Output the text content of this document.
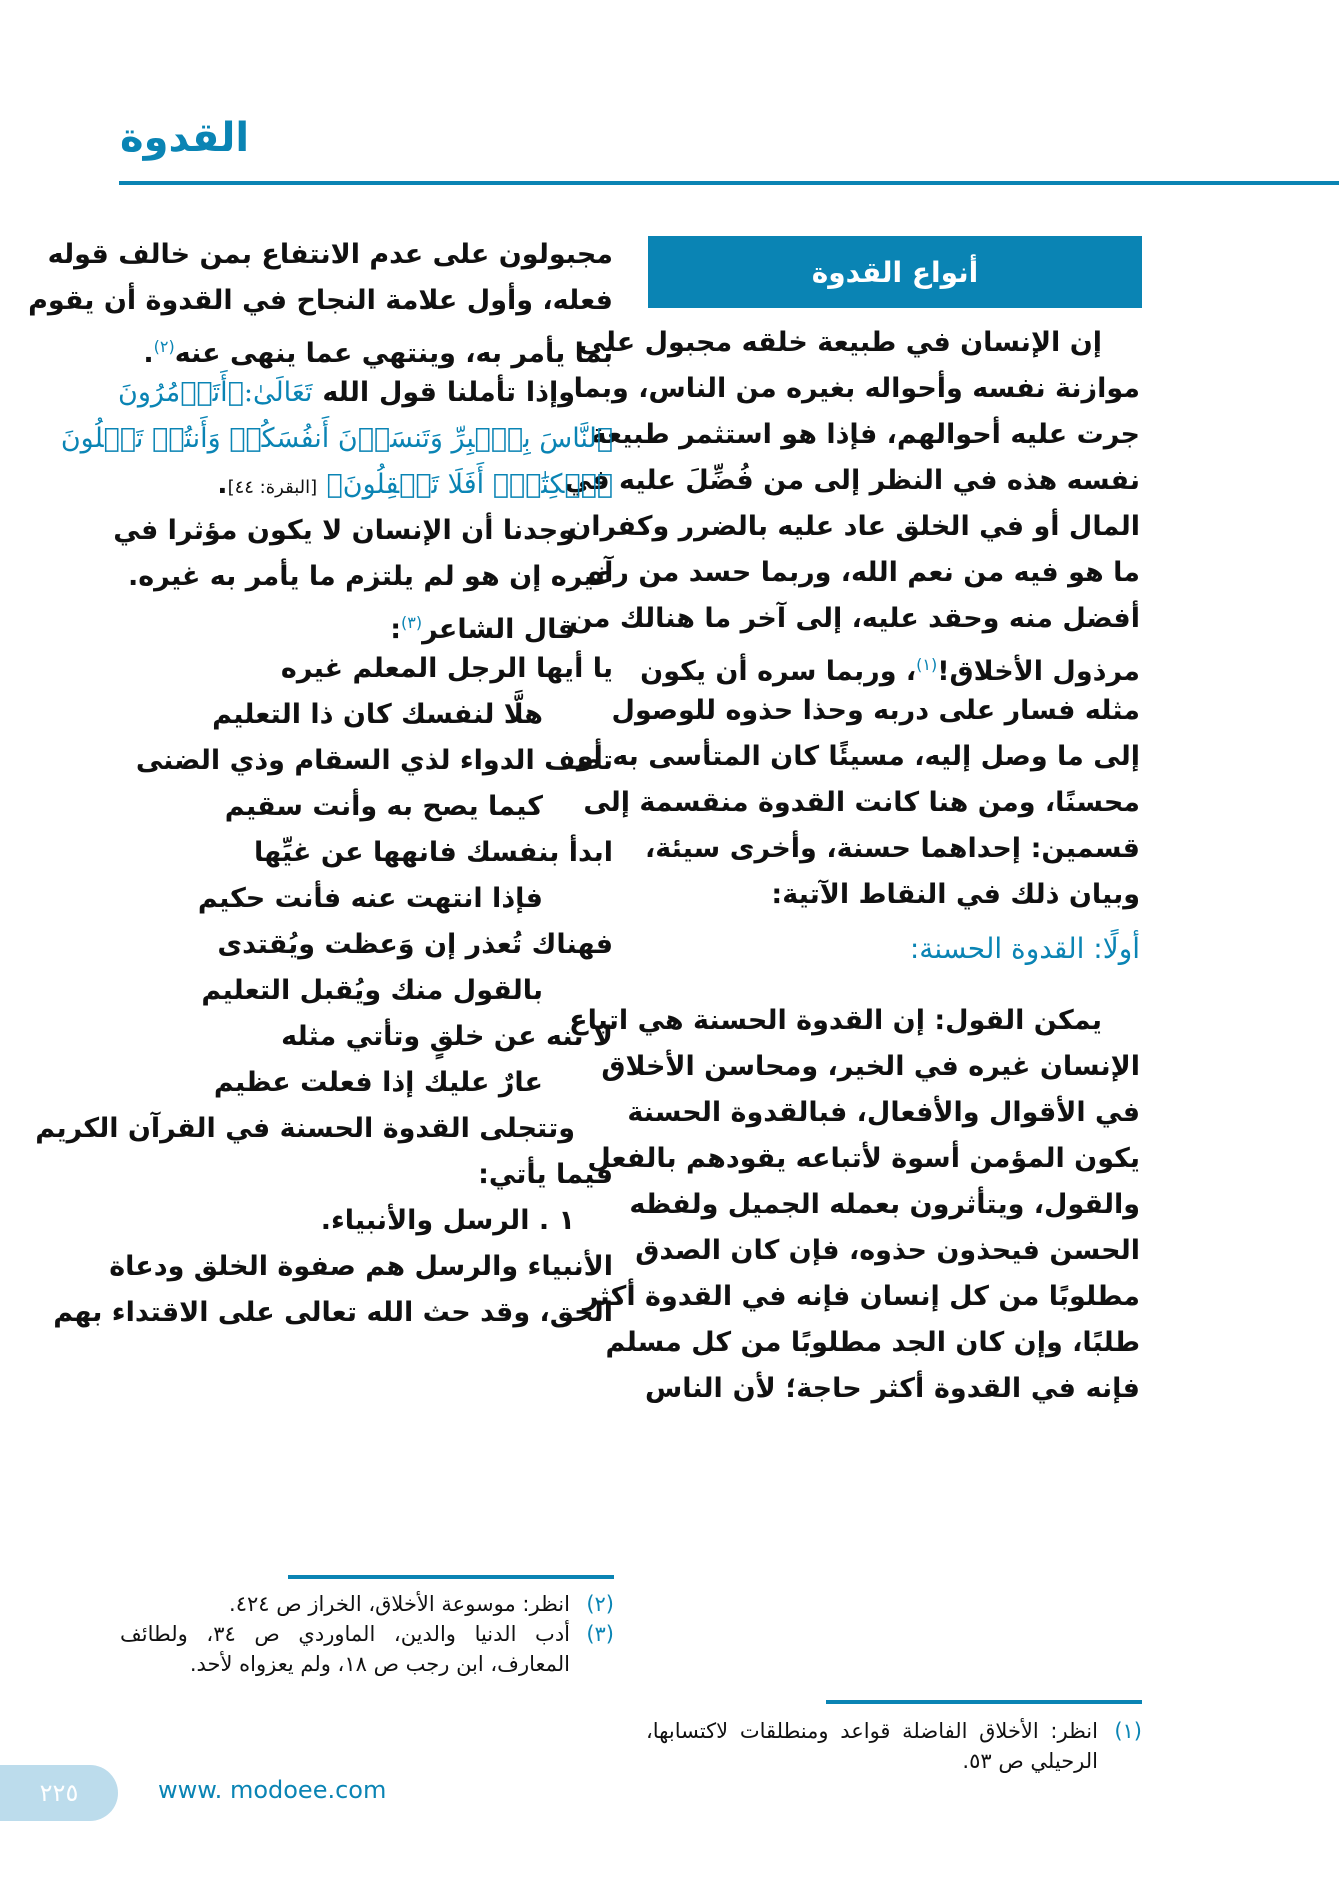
القدوة
أنواع القدوة
إن الإنسان في طبيعة خلقه مجبول على
موازنة نفسه وأحواله بغيره من الناس، وبما
جرت عليه أحوالهم، فإذا هو استثمر طبيعة
نفسه هذه في النظر إلى من فُضِّلَ عليه في
المال أو في الخلق عاد عليه بالضرر وكفران
ما هو فيه من نعم الله، وربما حسد من رآه
أفضل منه وحقد عليه، إلى آخر ما هنالك من
مرذول الأخلاق!$^{(١)}$، وربما سره أن يكون
مثله فسار على دربه وحذا حذوه للوصول
إلى ما وصل إليه، مسيئًا كان المتأسى به أو
محسنًا، ومن هنا كانت القدوة منقسمة إلى
قسمين: إحداهما حسنة، وأخرى سيئة،
وبيان ذلك في النقاط الآتية:
أولًا: القدوة الحسنة:
يمكن القول: إن القدوة الحسنة هي اتباع
الإنسان غيره في الخير، ومحاسن الأخلاق
في الأقوال والأفعال، فبالقدوة الحسنة
يكون المؤمن أسوة لأتباعه يقودهم بالفعل
والقول، ويتأثرون بعمله الجميل ولفظه
الحسن فيحذون حذوه، فإن كان الصدق
مطلوبًا من كل إنسان فإنه في القدوة أكثر
طلبًا، وإن كان الجد مطلوبًا من كل مسلم
فإنه في القدوة أكثر حاجة؛ لأن الناس
(١)
انظر: الأخلاق الفاضلة قواعد ومنطلقات لاكتسابها، الرحيلي ص ٥٣.
مجبولون على عدم الانتفاع بمن خالف قوله
فعله، وأول علامة النجاح في القدوة أن يقوم
بما يأمر به، وينتهي عما ينهى عنه$^{(٢)}$.
وإذا تأملنا قول الله تَعَالَىٰ:﴿أَتَأۡمُرُونَ
ٱلنَّاسَ بِٱلۡبِرِّ وَتَنسَوۡنَ أَنفُسَكُمۡ وَأَنتُمۡ تَتۡلُونَ
ٱلۡكِتَٰبَۚ أَفَلَا تَعۡقِلُونَ﴾ [البقرة: ٤٤].
وجدنا أن الإنسان لا يكون مؤثرا في
غيره إن هو لم يلتزم ما يأمر به غيره.
قال الشاعر$^{(٣)}$:
يا أيها الرجل المعلم غيره
هلَّا لنفسك كان ذا التعليم
تصف الدواء لذي السقام وذي الضنى
كيما يصح به وأنت سقيم
ابدأ بنفسك فانهها عن غيِّها
فإذا انتهت عنه فأنت حكيم
فهناك تُعذر إن وَعظت ويُقتدى
بالقول منك ويُقبل التعليم
لا تنه عن خلقٍ وتأتي مثله
عارٌ عليك إذا فعلت عظيم
وتتجلى القدوة الحسنة في القرآن الكريم
فيما يأتي:
١ . الرسل والأنبياء.
الأنبياء والرسل هم صفوة الخلق ودعاة
الحق، وقد حث الله تعالى على الاقتداء بهم
(٢)
انظر: موسوعة الأخلاق، الخراز ص ٤٢٤.
(٣)
أدب الدنيا والدين، الماوردي ص ٣٤، ولطائف المعارف، ابن رجب ص ١٨، ولم يعزواه لأحد.
٢٢٥	www. modoee.com
